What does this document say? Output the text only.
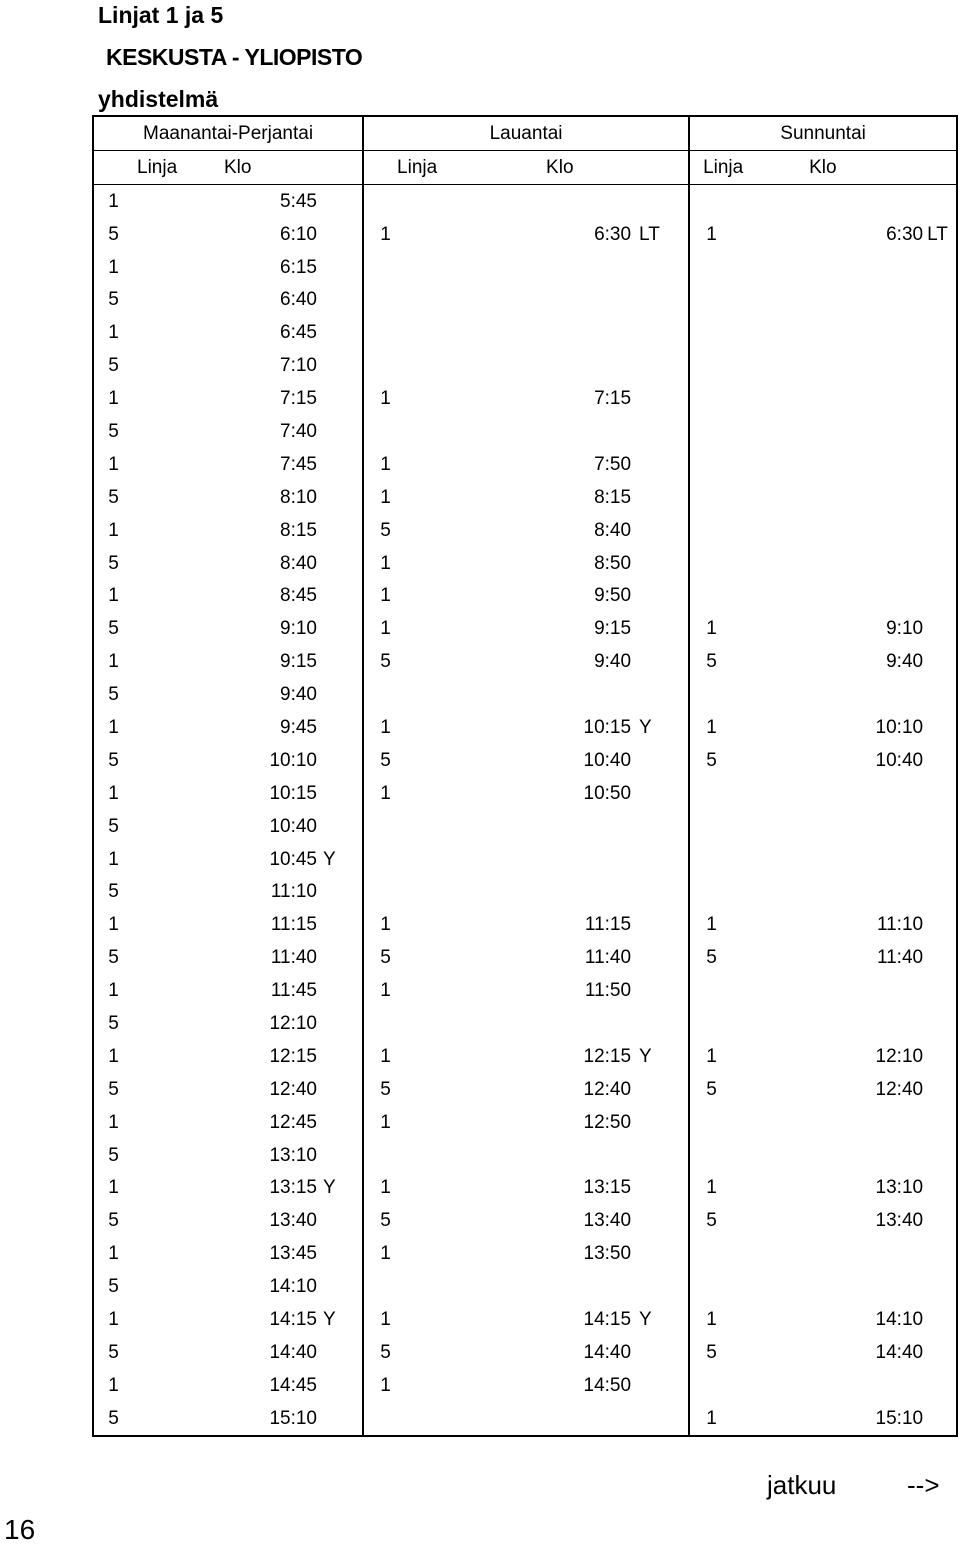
Linjat 1 ja 5
KESKUSTA - YLIOPISTO
yhdistelmä
Maanantai-Perjantai				Lauantai				Sunnuntai			
	Linja	Klo		Linja		Klo		Linja		Klo	
1		5:45									
5		6:10		1		6:30	LT	1		6:30	LT
1		6:15									
5		6:40									
1		6:45									
5		7:10									
1		7:15		1		7:15					
5		7:40									
1		7:45		1		7:50					
5		8:10		1		8:15					
1		8:15		5		8:40					
5		8:40		1		8:50					
1		8:45		1		9:50					
5		9:10		1		9:15		1		9:10	
1		9:15		5		9:40		5		9:40	
5		9:40									
1		9:45		1		10:15	Y	1		10:10	
5		10:10		5		10:40		5		10:40	
1		10:15		1		10:50					
5		10:40									
1		10:45	Y								
5		11:10									
1		11:15		1		11:15		1		11:10	
5		11:40		5		11:40		5		11:40	
1		11:45		1		11:50					
5		12:10									
1		12:15		1		12:15	Y	1		12:10	
5		12:40		5		12:40		5		12:40	
1		12:45		1		12:50					
5		13:10									
1		13:15	Y	1		13:15		1		13:10	
5		13:40		5		13:40		5		13:40	
1		13:45		1		13:50					
5		14:10									
1		14:15	Y	1		14:15	Y	1		14:10	
5		14:40		5		14:40		5		14:40	
1		14:45		1		14:50					
5		15:10						1		15:10	
jatkuu	-->
16
